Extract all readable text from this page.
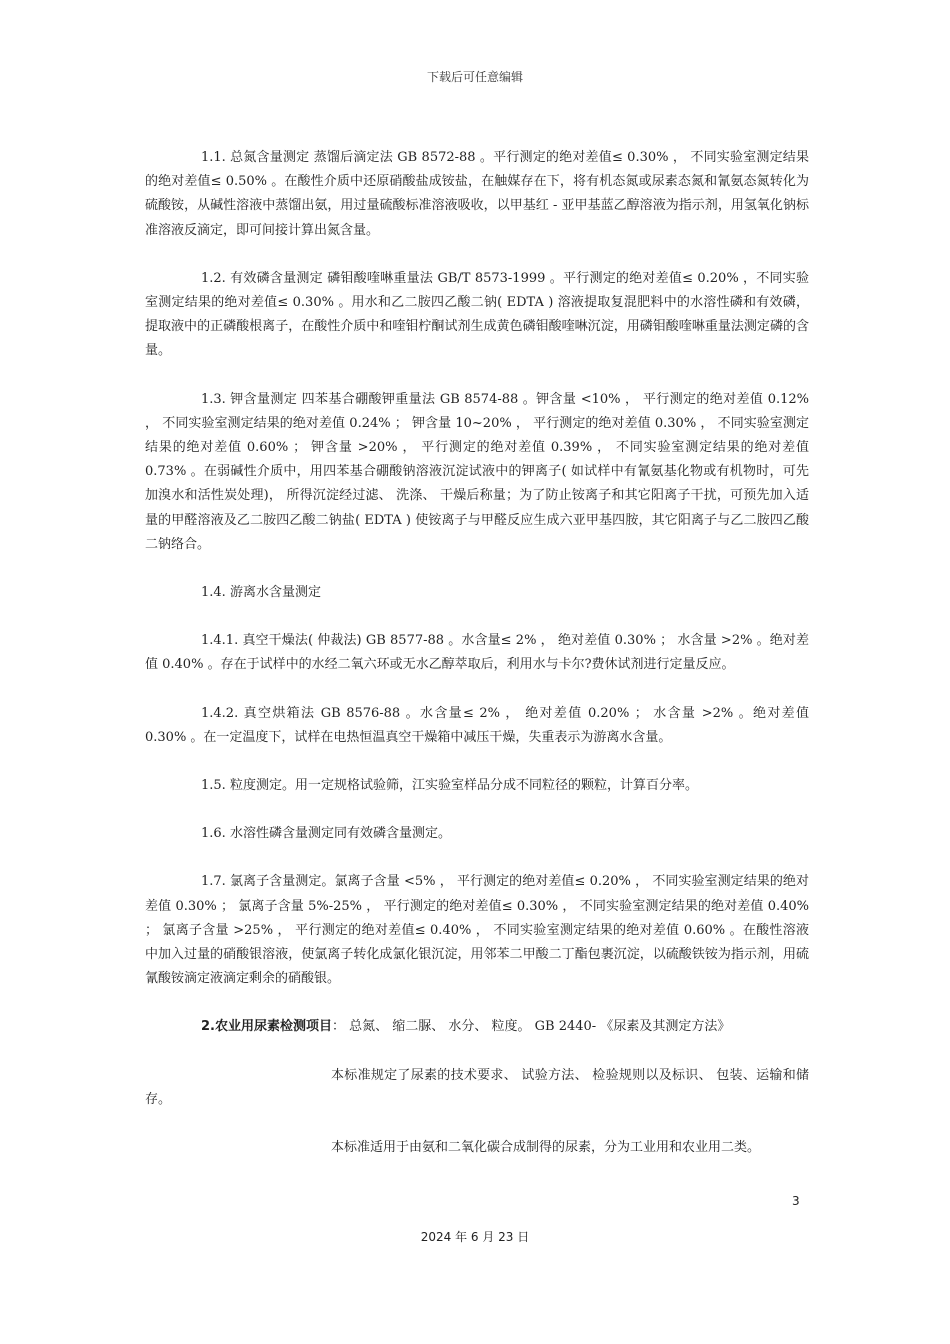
下载后可任意编辑

1.1. 总氮含量测定 蒸馏后滴定法 GB 8572-88 。平行测定的绝对差值≤ 0.30% ， 不同实验室测定结果的绝对差值≤ 0.50% 。在酸性介质中还原硝酸盐成铵盐，在触媒存在下，将有机态氮或尿素态氮和氰氨态氮转化为硫酸铵，从碱性溶液中蒸馏出氨，用过量硫酸标准溶液吸收，以甲基红 - 亚甲基蓝乙醇溶液为指示剂，用氢氧化钠标准溶液反滴定，即可间接计算出氮含量。

1.2. 有效磷含量测定 磷钼酸喹啉重量法 GB/T 8573-1999 。平行测定的绝对差值≤ 0.20% ，不同实验室测定结果的绝对差值≤ 0.30% 。用水和乙二胺四乙酸二钠( EDTA ) 溶液提取复混肥料中的水溶性磷和有效磷，提取液中的正磷酸根离子，在酸性介质中和喹钼柠酮试剂生成黄色磷钼酸喹啉沉淀，用磷钼酸喹啉重量法测定磷的含量。

1.3. 钾含量测定 四苯基合硼酸钾重量法 GB 8574-88 。钾含量 <10% ， 平行测定的绝对差值 0.12% ， 不同实验室测定结果的绝对差值 0.24% ； 钾含量 10~20% ， 平行测定的绝对差值 0.30% ， 不同实验室测定结果的绝对差值 0.60% ； 钾含量 >20% ， 平行测定的绝对差值 0.39% ， 不同实验室测定结果的绝对差值 0.73% 。在弱碱性介质中，用四苯基合硼酸钠溶液沉淀试液中的钾离子( 如试样中有氰氨基化物或有机物时，可先加溴水和活性炭处理)， 所得沉淀经过滤、 洗涤、 干燥后称量；为了防止铵离子和其它阳离子干扰，可预先加入适量的甲醛溶液及乙二胺四乙酸二钠盐( EDTA ) 使铵离子与甲醛反应生成六亚甲基四胺，其它阳离子与乙二胺四乙酸二钠络合。

1.4. 游离水含量测定

1.4.1. 真空干燥法( 仲裁法) GB 8577-88 。水含量≤ 2% ， 绝对差值 0.30% ； 水含量 >2% 。绝对差值 0.40% 。存在于试样中的水经二氧六环或无水乙醇萃取后，利用水与卡尔?费休试剂进行定量反应。

1.4.2. 真空烘箱法 GB 8576-88 。水含量≤ 2% ， 绝对差值 0.20% ； 水含量 >2% 。绝对差值 0.30% 。在一定温度下，试样在电热恒温真空干燥箱中减压干燥，失重表示为游离水含量。

1.5. 粒度测定。用一定规格试验筛，江实验室样品分成不同粒径的颗粒，计算百分率。

1.6. 水溶性磷含量测定同有效磷含量测定。

1.7. 氯离子含量测定。氯离子含量 <5% ， 平行测定的绝对差值≤ 0.20% ， 不同实验室测定结果的绝对差值 0.30% ； 氯离子含量 5%-25% ， 平行测定的绝对差值≤ 0.30% ， 不同实验室测定结果的绝对差值 0.40% ； 氯离子含量 >25% ， 平行测定的绝对差值≤ 0.40% ， 不同实验室测定结果的绝对差值 0.60% 。在酸性溶液中加入过量的硝酸银溶液，使氯离子转化成氯化银沉淀，用邻苯二甲酸二丁酯包裹沉淀，以硫酸铁铵为指示剂，用硫氰酸铵滴定液滴定剩余的硝酸银。

2.农业用尿素检测项目： 总氮、 缩二脲、 水分、 粒度。 GB 2440- 《尿素及其测定方法》

本标准规定了尿素的技术要求、 试验方法、 检验规则以及标识、 包装、运输和储存。

本标准适用于由氨和二氧化碳合成制得的尿素，分为工业用和农业用二类。

3
2024 年 6 月 23 日
